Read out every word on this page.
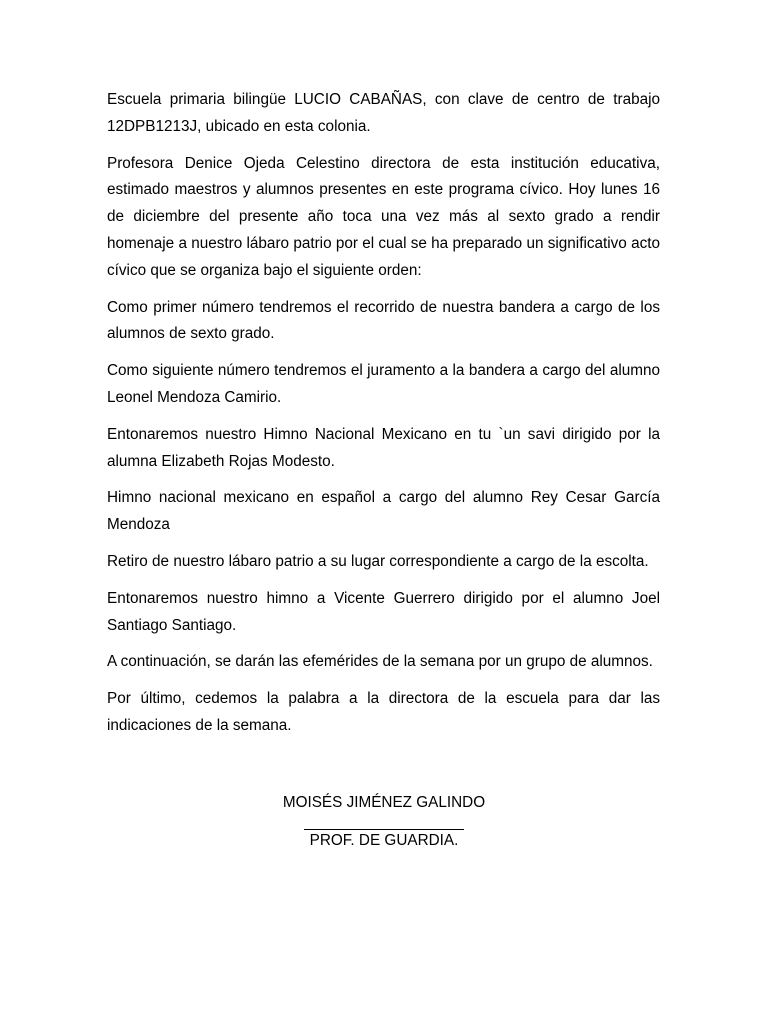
Escuela primaria bilingüe LUCIO CABAÑAS, con clave de centro de trabajo 12DPB1213J, ubicado en esta colonia.

Profesora Denice Ojeda Celestino directora de esta institución educativa, estimado maestros y alumnos presentes en este programa cívico. Hoy lunes 16 de diciembre del presente año toca una vez más al sexto grado a rendir homenaje a nuestro lábaro patrio por el cual se ha preparado un significativo acto cívico que se organiza bajo el siguiente orden:

Como primer número tendremos el recorrido de nuestra bandera a cargo de los alumnos de sexto grado.

Como siguiente número tendremos el juramento a la bandera a cargo del alumno Leonel Mendoza Camirio.

Entonaremos nuestro Himno Nacional Mexicano en tu `un savi dirigido por la alumna Elizabeth Rojas Modesto.

Himno nacional mexicano en español a cargo del alumno Rey Cesar García Mendoza

Retiro de nuestro lábaro patrio a su lugar correspondiente a cargo de la escolta.

Entonaremos nuestro himno a Vicente Guerrero dirigido por el alumno Joel Santiago Santiago.

A continuación, se darán las efemérides de la semana por un grupo de alumnos.

Por último, cedemos la palabra a la directora de la escuela para dar las indicaciones de la semana.

MOISÉS JIMÉNEZ GALINDO
PROF. DE GUARDIA.
